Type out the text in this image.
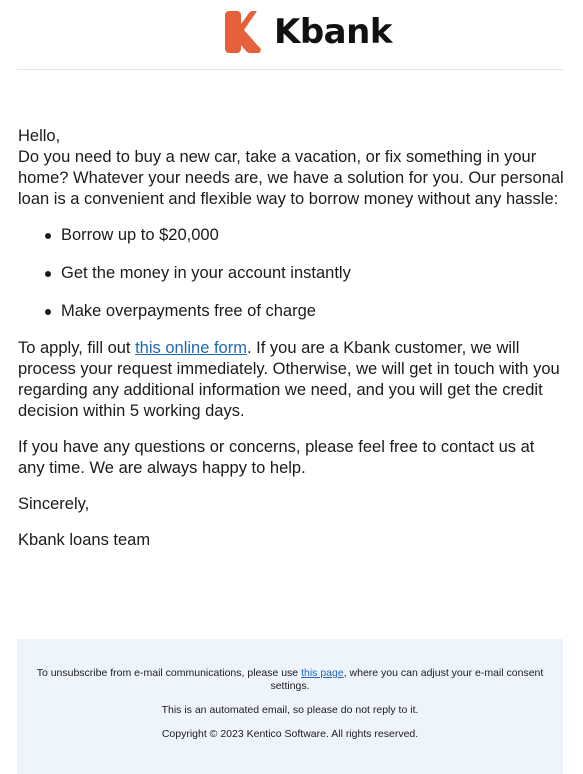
Kbank

Hello,

Do you need to buy a new car, take a vacation, or fix something in your home? Whatever your needs are, we have a solution for you. Our personal loan is a convenient and flexible way to borrow money without any hassle:

Borrow up to $20,000
Get the money in your account instantly
Make overpayments free of charge

To apply, fill out this online form. If you are a Kbank customer, we will process your request immediately. Otherwise, we will get in touch with you regarding any additional information we need, and you will get the credit decision within 5 working days.

If you have any questions or concerns, please feel free to contact us at any time. We are always happy to help.

Sincerely,

Kbank loans team

To unsubscribe from e-mail communications, please use this page, where you can adjust your e-mail consent settings.
This is an automated email, so please do not reply to it.
Copyright © 2023 Kentico Software. All rights reserved.
